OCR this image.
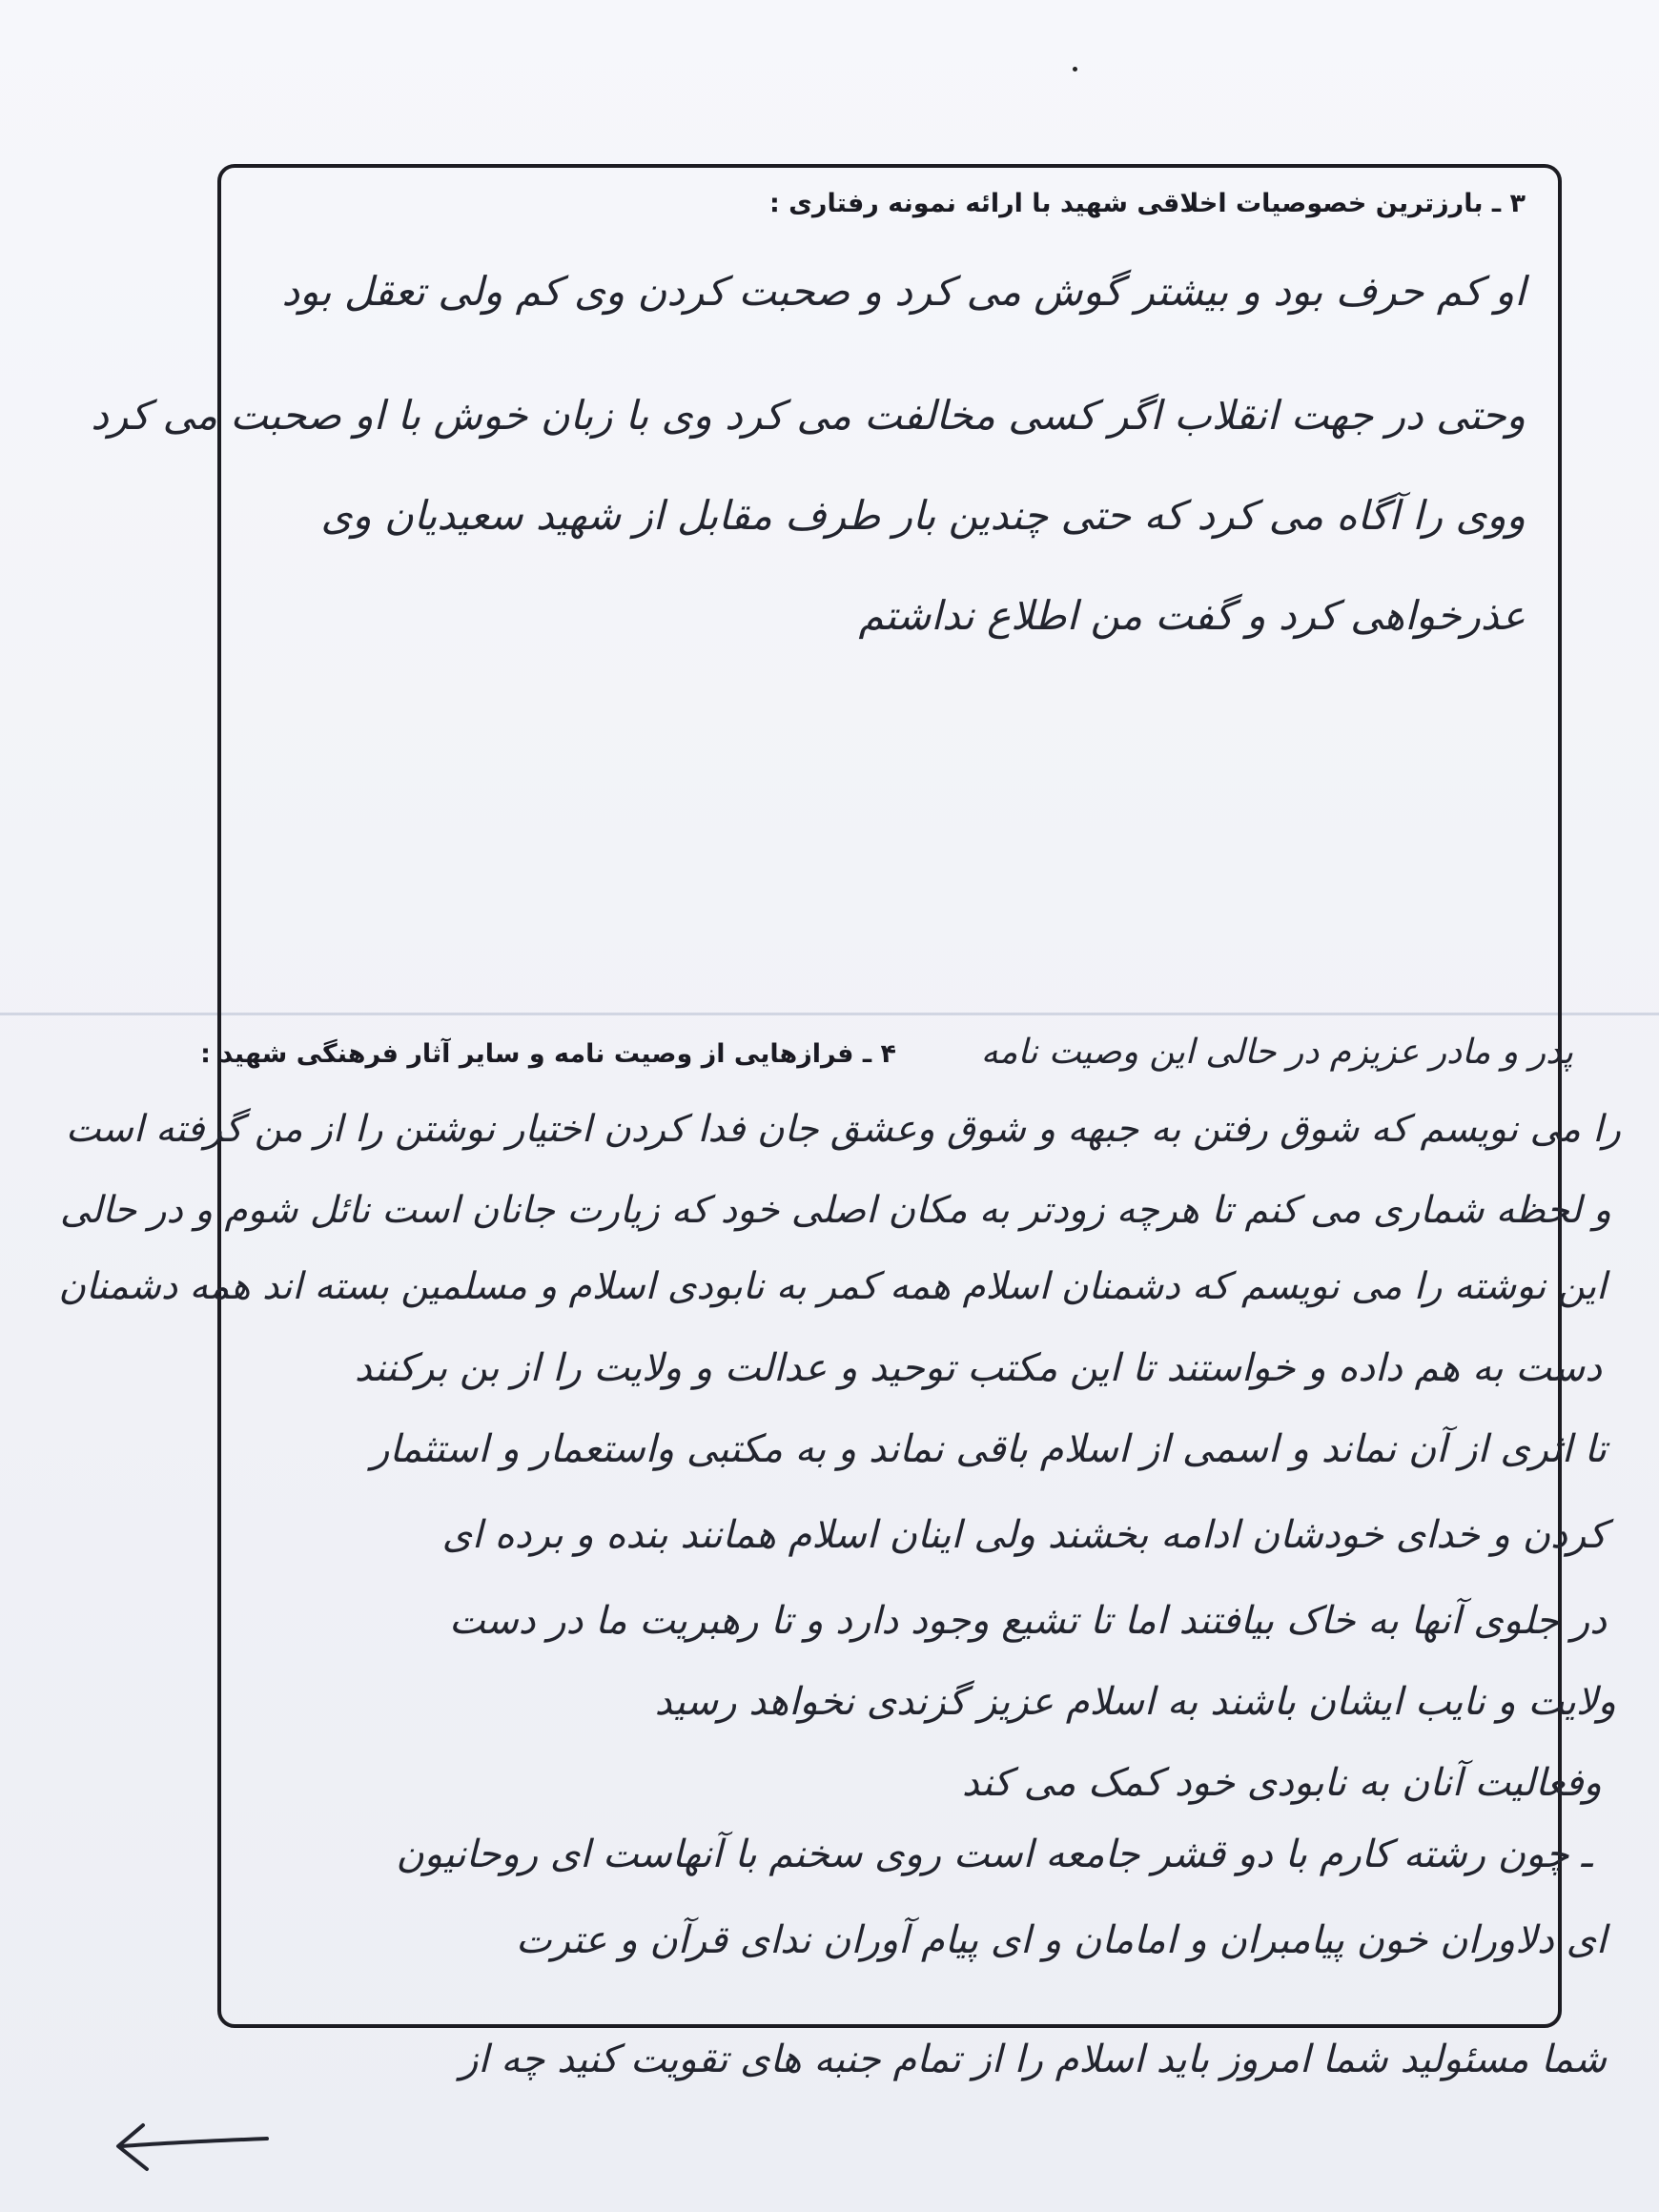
۳ ـ بارزترین خصوصیات اخلاقی شهید با ارائه نمونه رفتاری :
او کم حرف بود و بیشتر گوش می کرد و صحبت کردن وی کم ولی تعقل بود
وحتی در جهت انقلاب اگر کسی مخالفت می کرد وی با زبان خوش با او صحبت می کرد
ووی را آگاه می کرد که حتی چندین بار طرف مقابل از شهید سعیدیان وی
عذرخواهی کرد و گفت من اطلاع نداشتم
۴ ـ فرازهایی از وصیت نامه و سایر آثار فرهنگی شهید : پدر و مادر عزیزم در حالی این وصیت نامه
را می نویسم که شوق رفتن به جبهه و شوق وعشق جان فدا کردن اختیار نوشتن را از من گرفته است
و لحظه شماری می کنم تا هرچه زودتر به مکان اصلی خود که زیارت جانان است نائل شوم و در حالی
این نوشته را می نویسم که دشمنان اسلام همه کمر به نابودی اسلام و مسلمین بسته اند همه دشمنان
دست به هم داده و خواستند تا این مکتب توحید و عدالت و ولایت را از بن برکنند
تا اثری از آن نماند و اسمی از اسلام باقی نماند و به مکتبی واستعمار و استثمار
کردن و خدای خودشان ادامه بخشند ولی اینان اسلام همانند بنده و برده ای
در جلوی آنها به خاک بیافتند اما تا تشیع وجود دارد و تا رهبریت ما در دست
ولایت و نایب ایشان باشند به اسلام عزیز گزندی نخواهد رسید
وفعالیت آنان به نابودی خود کمک می کند
ـ چون رشته کارم با دو قشر جامعه است روی سخنم با آنهاست ای روحانیون
ای دلاوران خون پیامبران و امامان و ای پیام آوران ندای قرآن و عترت
شما مسئولید شما امروز باید اسلام را از تمام جنبه های تقویت کنید چه از
